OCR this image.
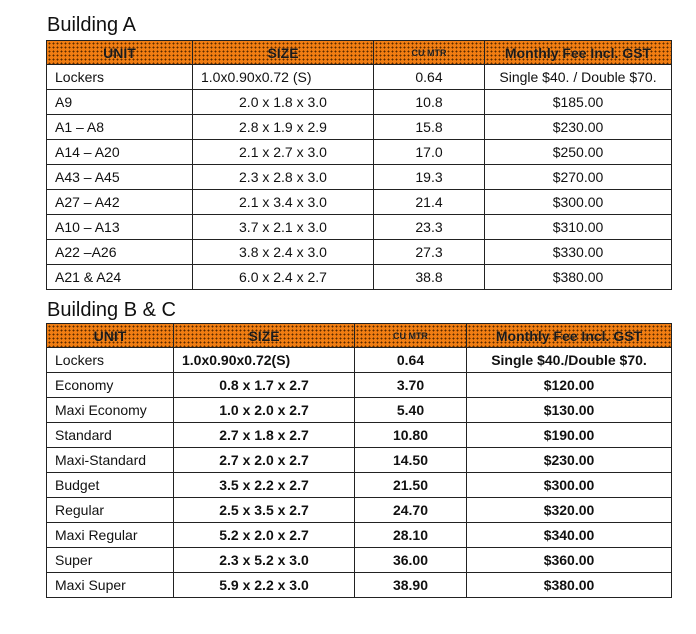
Building A
UNIT	SIZE	CU MTR	Monthly Fee Incl. GST
Lockers	1.0x0.90x0.72 (S)	0.64	Single $40. / Double $70.
A9	2.0 x 1.8 x 3.0	10.8	$185.00
A1 – A8	2.8 x 1.9 x 2.9	15.8	$230.00
A14 – A20	2.1 x 2.7 x 3.0	17.0	$250.00
A43 – A45	2.3 x 2.8 x 3.0	19.3	$270.00
A27 – A42	2.1 x 3.4 x 3.0	21.4	$300.00
A10 – A13	3.7 x 2.1 x 3.0	23.3	$310.00
A22 –A26	3.8 x 2.4 x 3.0	27.3	$330.00
A21 & A24	6.0 x 2.4 x 2.7	38.8	$380.00
Building B & C
UNIT	SIZE	CU MTR	Monthly Fee Incl. GST
Lockers	1.0x0.90x0.72(S)	0.64	Single $40./Double $70.
Economy	0.8 x 1.7 x 2.7	3.70	$120.00
Maxi Economy	1.0 x 2.0 x 2.7	5.40	$130.00
Standard	2.7 x 1.8 x 2.7	10.80	$190.00
Maxi-Standard	2.7 x 2.0 x 2.7	14.50	$230.00
Budget	3.5 x 2.2 x 2.7	21.50	$300.00
Regular	2.5 x 3.5 x 2.7	24.70	$320.00
Maxi Regular	5.2 x 2.0 x 2.7	28.10	$340.00
Super	2.3 x 5.2 x 3.0	36.00	$360.00
Maxi Super	5.9 x 2.2 x 3.0	38.90	$380.00
